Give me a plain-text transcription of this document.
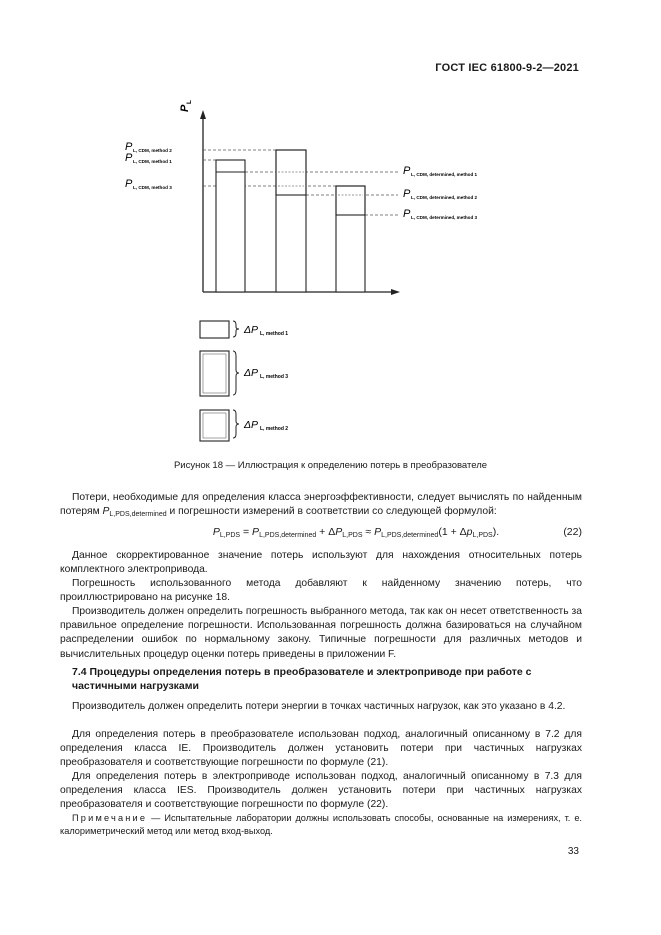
ГОСТ IEC 61800-9-2—2021
P
L
P L, CDM, method 2
P L, CDM, method 1
P L, CDM, method 3
P L, CDM, determined, method 1
P L, CDM, determined, method 2
P L, CDM, determined, method 3
ΔP L, method 1
ΔP L, method 3
ΔP L, method 2
Рисунок 18 — Иллюстрация к определению потерь в преобразователе
Потери, необходимые для определения класса энергоэффективности, следует вычислять по найденным потерям $P_{L,PDS,determined}$ и погрешности измерений в соответствии со следующей формулой:
$P_{L,PDS} = P_{L,PDS,determined} + \Delta P_{L,PDS} \approx P_{L,PDS,determined}(1 + \Delta p_{L,PDS})$.	(22)
Данное скорректированное значение потерь используют для нахождения относительных потерь комплектного электропривода.
Погрешность использованного метода добавляют к найденному значению потерь, что проиллюстрировано на рисунке 18.
Производитель должен определить погрешность выбранного метода, так как он несет ответственность за правильное определение погрешности. Использованная погрешность должна базироваться на случайном распределении ошибок по нормальному закону. Типичные погрешности для различных методов и вычислительных процедур оценки потерь приведены в приложении F.
7.4 Процедуры определения потерь в преобразователе и электроприводе при работе с частичными нагрузками
Производитель должен определить потери энергии в точках частичных нагрузок, как это указано в 4.2.
Для определения потерь в преобразователе использован подход, аналогичный описанному в 7.2 для определения класса IE. Производитель должен установить потери при частичных нагрузках преобразователя и соответствующие погрешности по формуле (21).
Для определения потерь в электроприводе использован подход, аналогичный описанному в 7.3 для определения класса IES. Производитель должен установить потери при частичных нагрузках преобразователя и соответствующие погрешности по формуле (22).
Примечание — Испытательные лаборатории должны использовать способы, основанные на измерениях, т. е. калориметрический метод или метод вход-выход.
33
